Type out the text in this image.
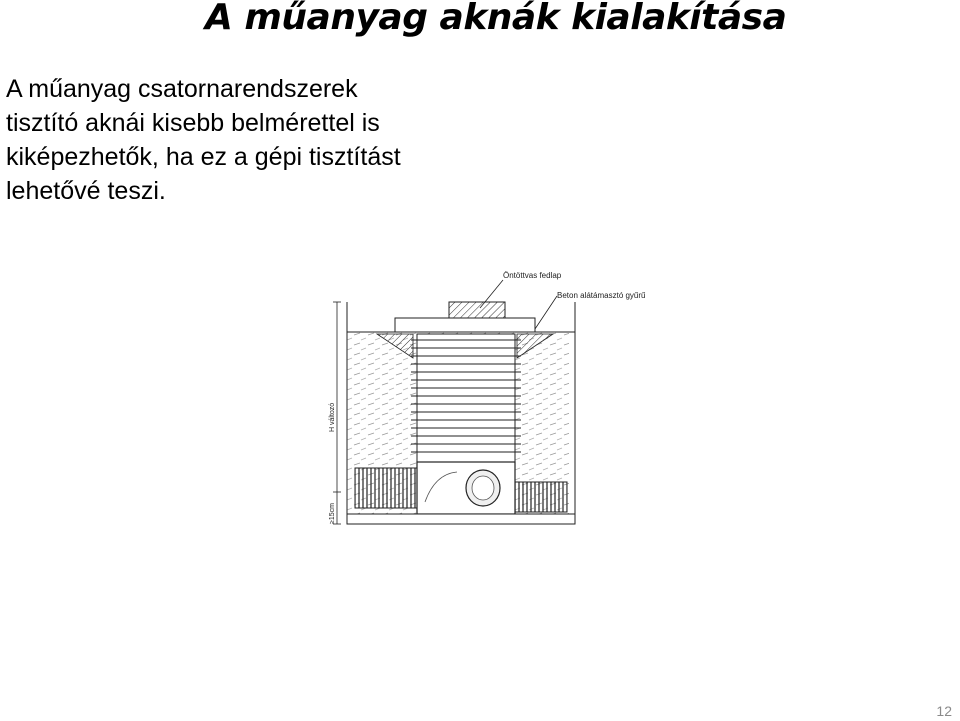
A műanyag aknák kialakítása
A műanyag csatornarendszerek
tisztító aknái kisebb belmérettel is
kiképezhetők, ha ez a gépi tisztítást
lehetővé teszi.
Öntöttvas fedlap
Beton alátámasztó gyűrű
H változó
≥15cm
12
